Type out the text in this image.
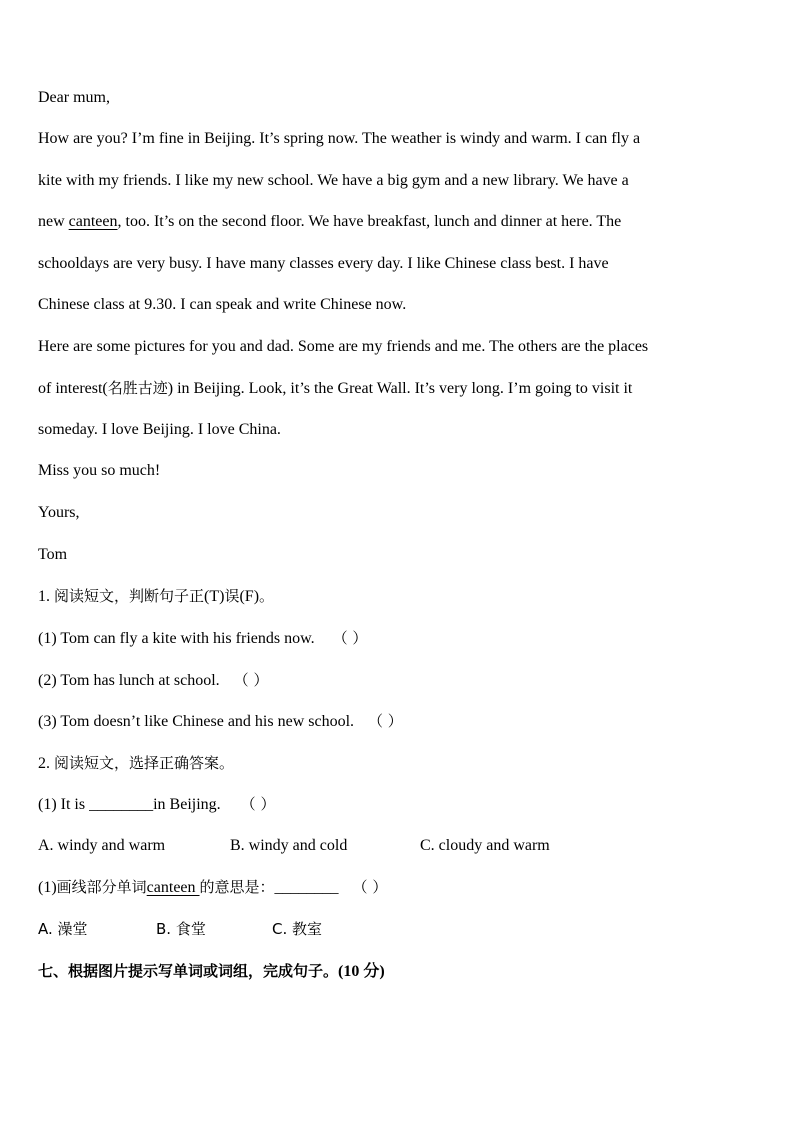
Dear mum,
How are you? I’m fine in Beijing. It’s spring now. The weather is windy and warm. I can fly a
kite with my friends. I like my new school. We have a big gym and a new library. We have a
new canteen, too. It’s on the second floor. We have breakfast, lunch and dinner at here. The
schooldays are very busy. I have many classes every day. I like Chinese class best. I have
Chinese class at 9.30. I can speak and write Chinese now.
Here are some pictures for you and dad. Some are my friends and me. The others are the places
of interest(名胜古迹) in Beijing. Look, it’s the Great Wall. It’s very long. I’m going to visit it
someday. I love Beijing. I love China.
Miss you so much!
Yours,
Tom
1. 阅读短文，判断句子正(T)误(F)。
(1) Tom can fly a kite with his friends now. （ ）
(2) Tom has lunch at school. （ ）
(3) Tom doesn’t like Chinese and his new school. （ ）
2. 阅读短文，选择正确答案。
(1) It is ________in Beijing. （ ）
A. windy and warm	B. windy and cold	C. cloudy and warm
(1)画线部分单词canteen 的意思是：________ （ ）
A. 澡堂	B. 食堂	C. 教室
七、根据图片提示写单词或词组，完成句子。(10 分)
